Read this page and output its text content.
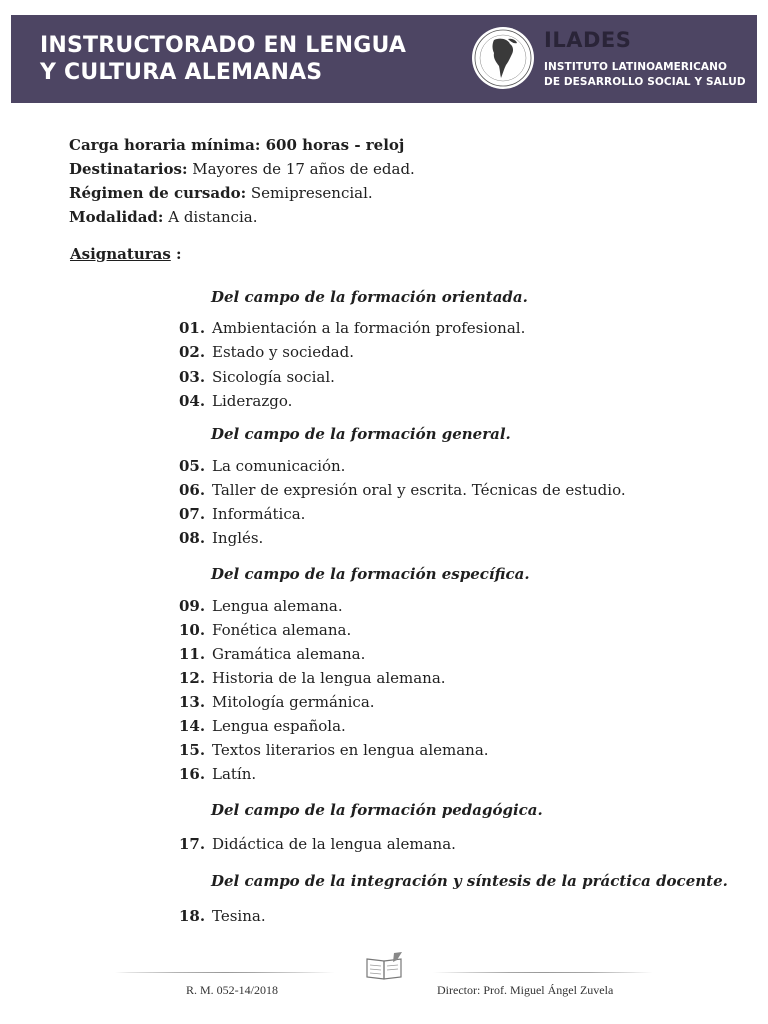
INSTRUCTORADO EN LENGUA
Y CULTURA ALEMANAS
ILADES
INSTITUTO LATINOAMERICANO
DE DESARROLLO SOCIAL Y SALUD
Carga horaria mínima: 600 horas - reloj
Destinatarios: Mayores de 17 años de edad.
Régimen de cursado: Semipresencial.
Modalidad: A distancia.
Asignaturas :
Del campo de la formación orientada.
01. Ambientación a la formación profesional.
02. Estado y sociedad.
03. Sicología social.
04. Liderazgo.
Del campo de la formación general.
05. La comunicación.
06. Taller de expresión oral y escrita. Técnicas de estudio.
07. Informática.
08. Inglés.
Del campo de la formación específica.
09. Lengua alemana.
10. Fonética alemana.
11. Gramática alemana.
12. Historia de la lengua alemana.
13. Mitología germánica.
14. Lengua española.
15. Textos literarios en lengua alemana.
16. Latín.
Del campo de la formación pedagógica.
17. Didáctica de la lengua alemana.
Del campo de la integración y síntesis de la práctica docente.
18. Tesina.
R. M. 052-14/2018	Director: Prof. Miguel Ángel Zuvela
